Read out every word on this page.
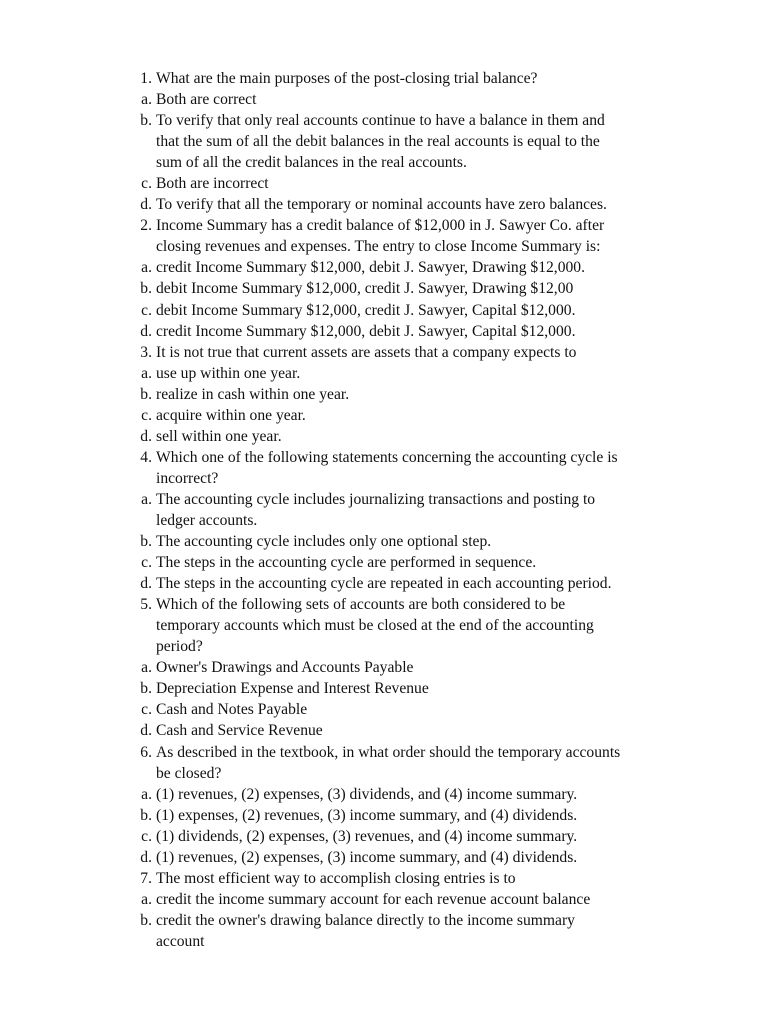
1. What are the main purposes of the post-closing trial balance?
a. Both are correct
b. To verify that only real accounts continue to have a balance in them and
that the sum of all the debit balances in the real accounts is equal to the
sum of all the credit balances in the real accounts.
c. Both are incorrect
d. To verify that all the temporary or nominal accounts have zero balances.
2. Income Summary has a credit balance of $12,000 in J. Sawyer Co. after
closing revenues and expenses. The entry to close Income Summary is:
a. credit Income Summary $12,000, debit J. Sawyer, Drawing $12,000.
b. debit Income Summary $12,000, credit J. Sawyer, Drawing $12,00
c. debit Income Summary $12,000, credit J. Sawyer, Capital $12,000.
d. credit Income Summary $12,000, debit J. Sawyer, Capital $12,000.
3. It is not true that current assets are assets that a company expects to
a. use up within one year.
b. realize in cash within one year.
c. acquire within one year.
d. sell within one year.
4. Which one of the following statements concerning the accounting cycle is
incorrect?
a. The accounting cycle includes journalizing transactions and posting to
ledger accounts.
b. The accounting cycle includes only one optional step.
c. The steps in the accounting cycle are performed in sequence.
d. The steps in the accounting cycle are repeated in each accounting period.
5. Which of the following sets of accounts are both considered to be
temporary accounts which must be closed at the end of the accounting
period?
a. Owner's Drawings and Accounts Payable
b. Depreciation Expense and Interest Revenue
c. Cash and Notes Payable
d. Cash and Service Revenue
6. As described in the textbook, in what order should the temporary accounts
be closed?
a. (1) revenues, (2) expenses, (3) dividends, and (4) income summary.
b. (1) expenses, (2) revenues, (3) income summary, and (4) dividends.
c. (1) dividends, (2) expenses, (3) revenues, and (4) income summary.
d. (1) revenues, (2) expenses, (3) income summary, and (4) dividends.
7. The most efficient way to accomplish closing entries is to
a. credit the income summary account for each revenue account balance
b. credit the owner's drawing balance directly to the income summary
account
